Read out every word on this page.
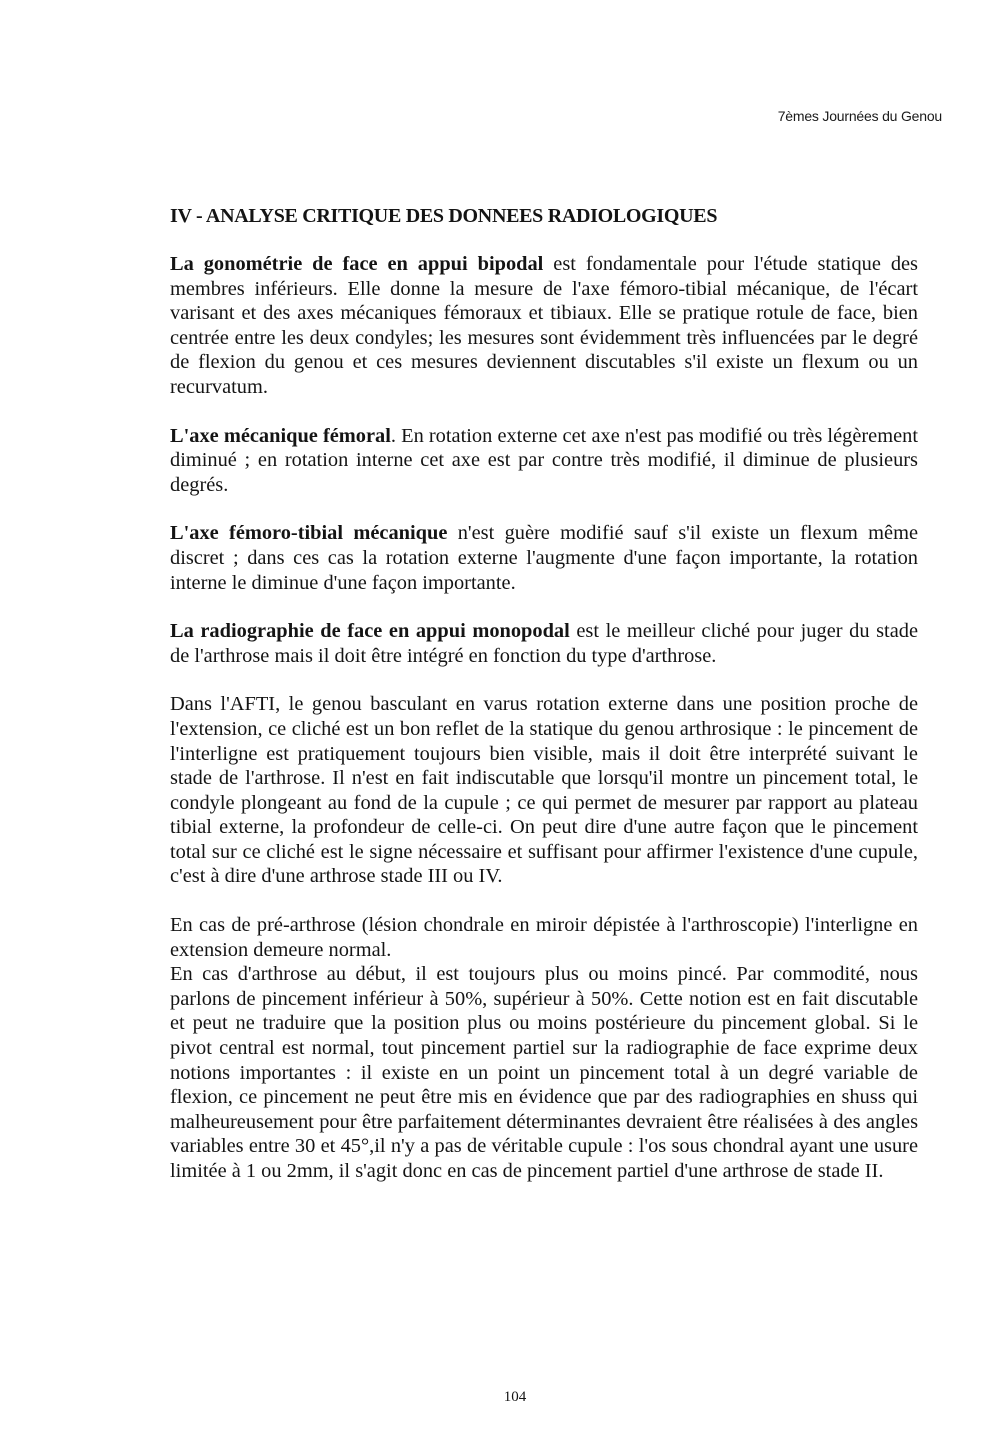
7èmes Journées du Genou
IV - ANALYSE CRITIQUE DES DONNEES RADIOLOGIQUES

La gonométrie de face en appui bipodal est fondamentale pour l'étude statique des membres inférieurs. Elle donne la mesure de l'axe fémoro-tibial mécanique, de l'écart varisant et des axes mécaniques fémoraux et tibiaux. Elle se pratique rotule de face, bien centrée entre les deux condyles; les mesures sont évidemment très influencées par le degré de flexion du genou et ces mesures deviennent discutables s'il existe un flexum ou un recurvatum.

L'axe mécanique fémoral. En rotation externe cet axe n'est pas modifié ou très légèrement diminué ; en rotation interne cet axe est par contre très modifié, il diminue de plusieurs degrés.

L'axe fémoro-tibial mécanique n'est guère modifié sauf s'il existe un flexum même discret ; dans ces cas la rotation externe l'augmente d'une façon importante, la rotation interne le diminue d'une façon importante.

La radiographie de face en appui monopodal est le meilleur cliché pour juger du stade de l'arthrose mais il doit être intégré en fonction du type d'arthrose.

Dans l'AFTI, le genou basculant en varus rotation externe dans une position proche de l'extension, ce cliché est un bon reflet de la statique du genou arthrosique : le pincement de l'interligne est pratiquement toujours bien visible, mais il doit être interprété suivant le stade de l'arthrose. Il n'est en fait indiscutable que lorsqu'il montre un pincement total, le condyle plongeant au fond de la cupule ; ce qui permet de mesurer par rapport au plateau tibial externe, la profondeur de celle-ci. On peut dire d'une autre façon que le pincement total sur ce cliché est le signe nécessaire et suffisant pour affirmer l'existence d'une cupule, c'est à dire d'une arthrose stade III ou IV.

En cas de pré-arthrose (lésion chondrale en miroir dépistée à l'arthroscopie) l'interligne en extension demeure normal.

En cas d'arthrose au début, il est toujours plus ou moins pincé. Par commodité, nous parlons de pincement inférieur à 50%, supérieur à 50%. Cette notion est en fait discutable et peut ne traduire que la position plus ou moins postérieure du pincement global. Si le pivot central est normal, tout pincement partiel sur la radiographie de face exprime deux notions importantes : il existe en un point un pincement total à un degré variable de flexion, ce pincement ne peut être mis en évidence que par des radiographies en shuss qui malheureusement pour être parfaitement déterminantes devraient être réalisées à des angles variables entre 30 et 45°,il n'y a pas de véritable cupule : l'os sous chondral ayant une usure limitée à 1 ou 2mm, il s'agit donc en cas de pincement partiel d'une arthrose de stade II.

104
